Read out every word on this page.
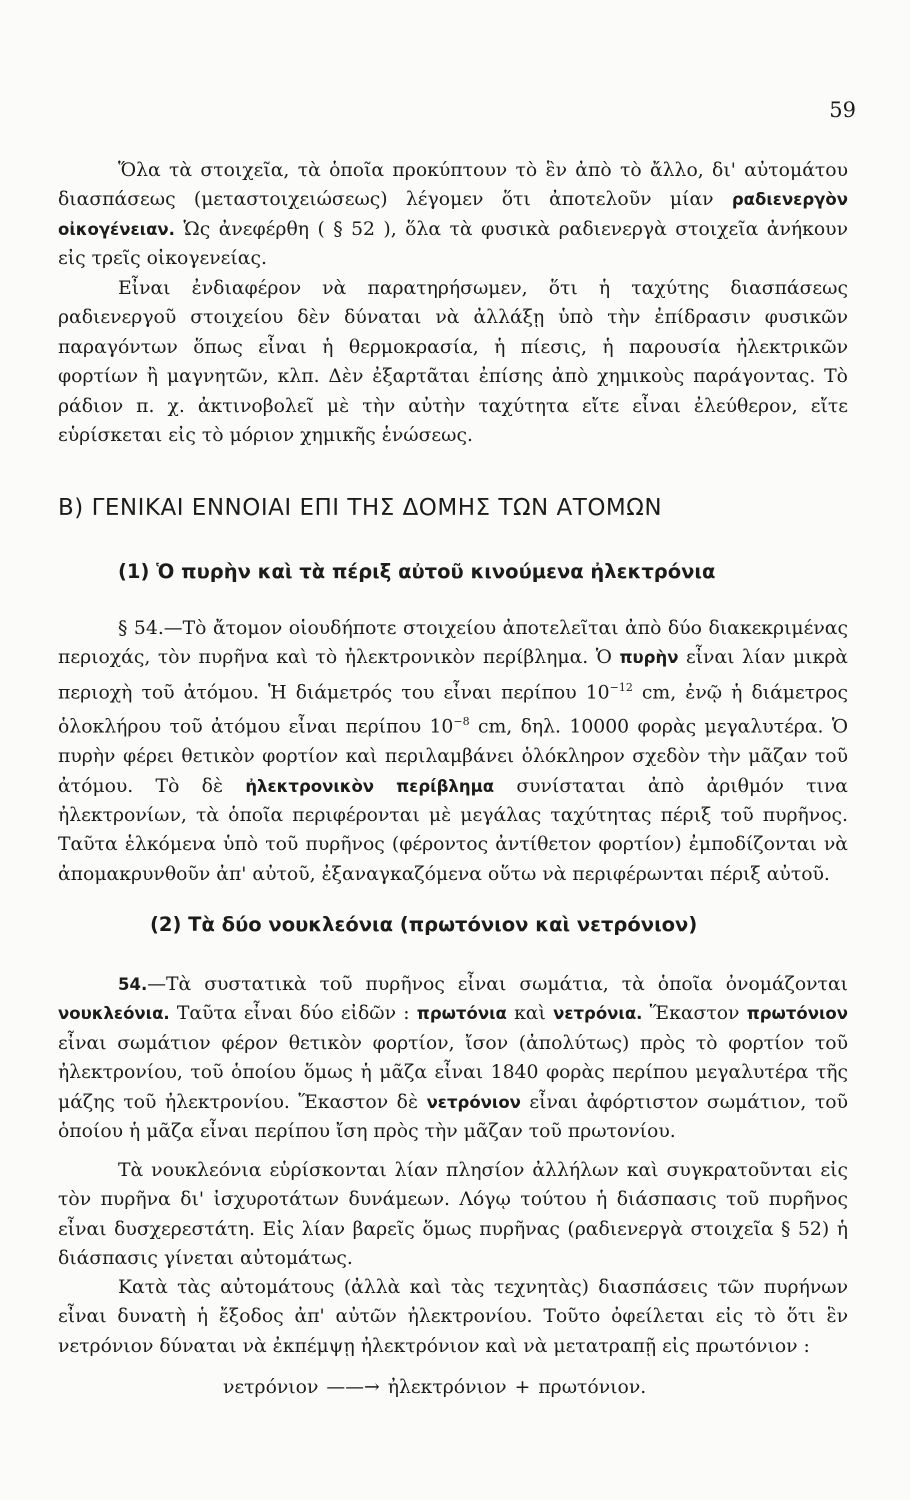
59

Ὅλα τὰ στοιχεῖα, τὰ ὁποῖα προκύπτουν τὸ ἓν ἀπὸ τὸ ἄλλο, δι' αὐτομάτου διασπάσεως (μεταστοιχειώσεως) λέγομεν ὅτι ἀποτελοῦν μίαν ραδιενεργὸν οἰκογένειαν. Ὡς ἀνεφέρθη ( § 52 ), ὅλα τὰ φυσικὰ ραδιενεργὰ στοιχεῖα ἀνήκουν εἰς τρεῖς οἰκογενείας.

Εἶναι ἐνδιαφέρον νὰ παρατηρήσωμεν, ὅτι ἡ ταχύτης διασπάσεως ραδιενεργοῦ στοιχείου δὲν δύναται νὰ ἀλλάξῃ ὑπὸ τὴν ἐπίδρασιν φυσικῶν παραγόντων ὅπως εἶναι ἡ θερμοκρασία, ἡ πίεσις, ἡ παρουσία ἠλεκτρικῶν φορτίων ἢ μαγνητῶν, κλπ. Δὲν ἐξαρτᾶται ἐπίσης ἀπὸ χημικοὺς παράγοντας. Τὸ ράδιον π. χ. ἀκτινοβολεῖ μὲ τὴν αὐτὴν ταχύτητα εἴτε εἶναι ἐλεύθερον, εἴτε εὑρίσκεται εἰς τὸ μόριον χημικῆς ἑνώσεως.

Β) ΓΕΝΙΚΑΙ ΕΝΝΟΙΑΙ ΕΠΙ ΤΗΣ ΔΟΜΗΣ ΤΩΝ ΑΤΟΜΩΝ
(1) Ὁ πυρὴν καὶ τὰ πέριξ αὐτοῦ κινούμενα ἠλεκτρόνια

§ 54.—Τὸ ἄτομον οἱουδήποτε στοιχείου ἀποτελεῖται ἀπὸ δύο διακεκριμένας περιοχάς, τὸν πυρῆνα καὶ τὸ ἠλεκτρονικὸν περίβλημα. Ὁ πυρὴν εἶναι λίαν μικρὰ περιοχὴ τοῦ ἀτόμου. Ἡ διάμετρός του εἶναι περίπου $10^{-12}$ cm, ἐνῷ ἡ διάμετρος ὁλοκλήρου τοῦ ἀτόμου εἶναι περίπου $10^{-8}$ cm, δηλ. 10000 φορὰς μεγαλυτέρα. Ὁ πυρὴν φέρει θετικὸν φορτίον καὶ περιλαμβάνει ὁλόκληρον σχεδὸν τὴν μᾶζαν τοῦ ἀτόμου. Τὸ δὲ ἠλεκτρονικὸν περίβλημα συνίσταται ἀπὸ ἀριθμόν τινα ἠλεκτρονίων, τὰ ὁποῖα περιφέρονται μὲ μεγάλας ταχύτητας πέριξ τοῦ πυρῆνος. Ταῦτα ἑλκόμενα ὑπὸ τοῦ πυρῆνος (φέροντος ἀντίθετον φορτίον) ἐμποδίζονται νὰ ἀπομακρυνθοῦν ἀπ' αὐτοῦ, ἐξαναγκαζόμενα οὕτω νὰ περιφέρωνται πέριξ αὐτοῦ.

(2) Τὰ δύο νουκλεόνια (πρωτόνιον καὶ νετρόνιον)

54.—Τὰ συστατικὰ τοῦ πυρῆνος εἶναι σωμάτια, τὰ ὁποῖα ὀνομάζονται νουκλεόνια. Ταῦτα εἶναι δύο εἰδῶν : πρωτόνια καὶ νετρόνια. Ἕκαστον πρωτόνιον εἶναι σωμάτιον φέρον θετικὸν φορτίον, ἴσον (ἀπολύτως) πρὸς τὸ φορτίον τοῦ ἠλεκτρονίου, τοῦ ὁποίου ὅμως ἡ μᾶζα εἶναι 1840 φορὰς περίπου μεγαλυτέρα τῆς μάζης τοῦ ἠλεκτρονίου. Ἕκαστον δὲ νετρόνιον εἶναι ἀφόρτιστον σωμάτιον, τοῦ ὁποίου ἡ μᾶζα εἶναι περίπου ἴση πρὸς τὴν μᾶζαν τοῦ πρωτονίου.

Τὰ νουκλεόνια εὑρίσκονται λίαν πλησίον ἀλλήλων καὶ συγκρατοῦνται εἰς τὸν πυρῆνα δι' ἰσχυροτάτων δυνάμεων. Λόγῳ τούτου ἡ διάσπασις τοῦ πυρῆνος εἶναι δυσχερεστάτη. Εἰς λίαν βαρεῖς ὅμως πυρῆνας (ραδιενεργὰ στοιχεῖα § 52) ἡ διάσπασις γίνεται αὐτομάτως.

Κατὰ τὰς αὐτομάτους (ἀλλὰ καὶ τὰς τεχνητὰς) διασπάσεις τῶν πυρήνων εἶναι δυνατὴ ἡ ἔξοδος ἀπ' αὐτῶν ἠλεκτρονίου. Τοῦτο ὀφείλεται εἰς τὸ ὅτι ἓν νετρόνιον δύναται νὰ ἐκπέμψῃ ἠλεκτρόνιον καὶ νὰ μετατραπῇ εἰς πρωτόνιον :

νετρόνιον ——→ ἠλεκτρόνιον + πρωτόνιον.
